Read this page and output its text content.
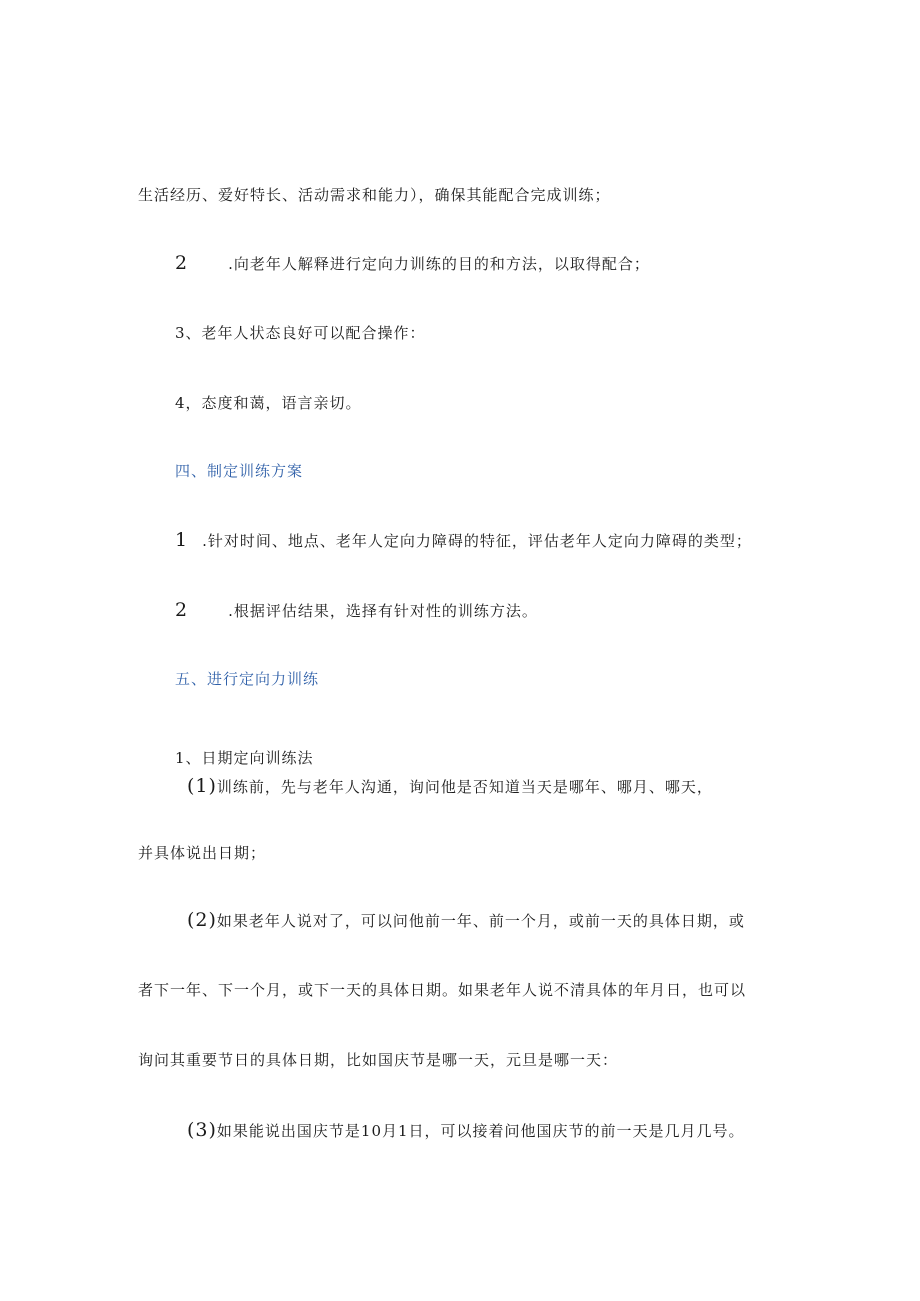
生活经历、爱好特长、活动需求和能力），确保其能配合完成训练；
2	.向老年人解释进行定向力训练的目的和方法，以取得配合；
3、老年人状态良好可以配合操作：
4，态度和蔼，语言亲切。
四、制定训练方案
1 .针对时间、地点、老年人定向力障碍的特征，评估老年人定向力障碍的类型；
2	.根据评估结果，选择有针对性的训练方法。
五、进行定向力训练
1、日期定向训练法
(1)训练前，先与老年人沟通，询问他是否知道当天是哪年、哪月、哪天，
并具体说出日期；
(2)如果老年人说对了，可以问他前一年、前一个月，或前一天的具体日期，或
者下一年、下一个月，或下一天的具体日期。如果老年人说不清具体的年月日，也可以
询问其重要节日的具体日期，比如国庆节是哪一天，元旦是哪一天：
(3)如果能说出国庆节是10月1日，可以接着问他国庆节的前一天是几月几号。
